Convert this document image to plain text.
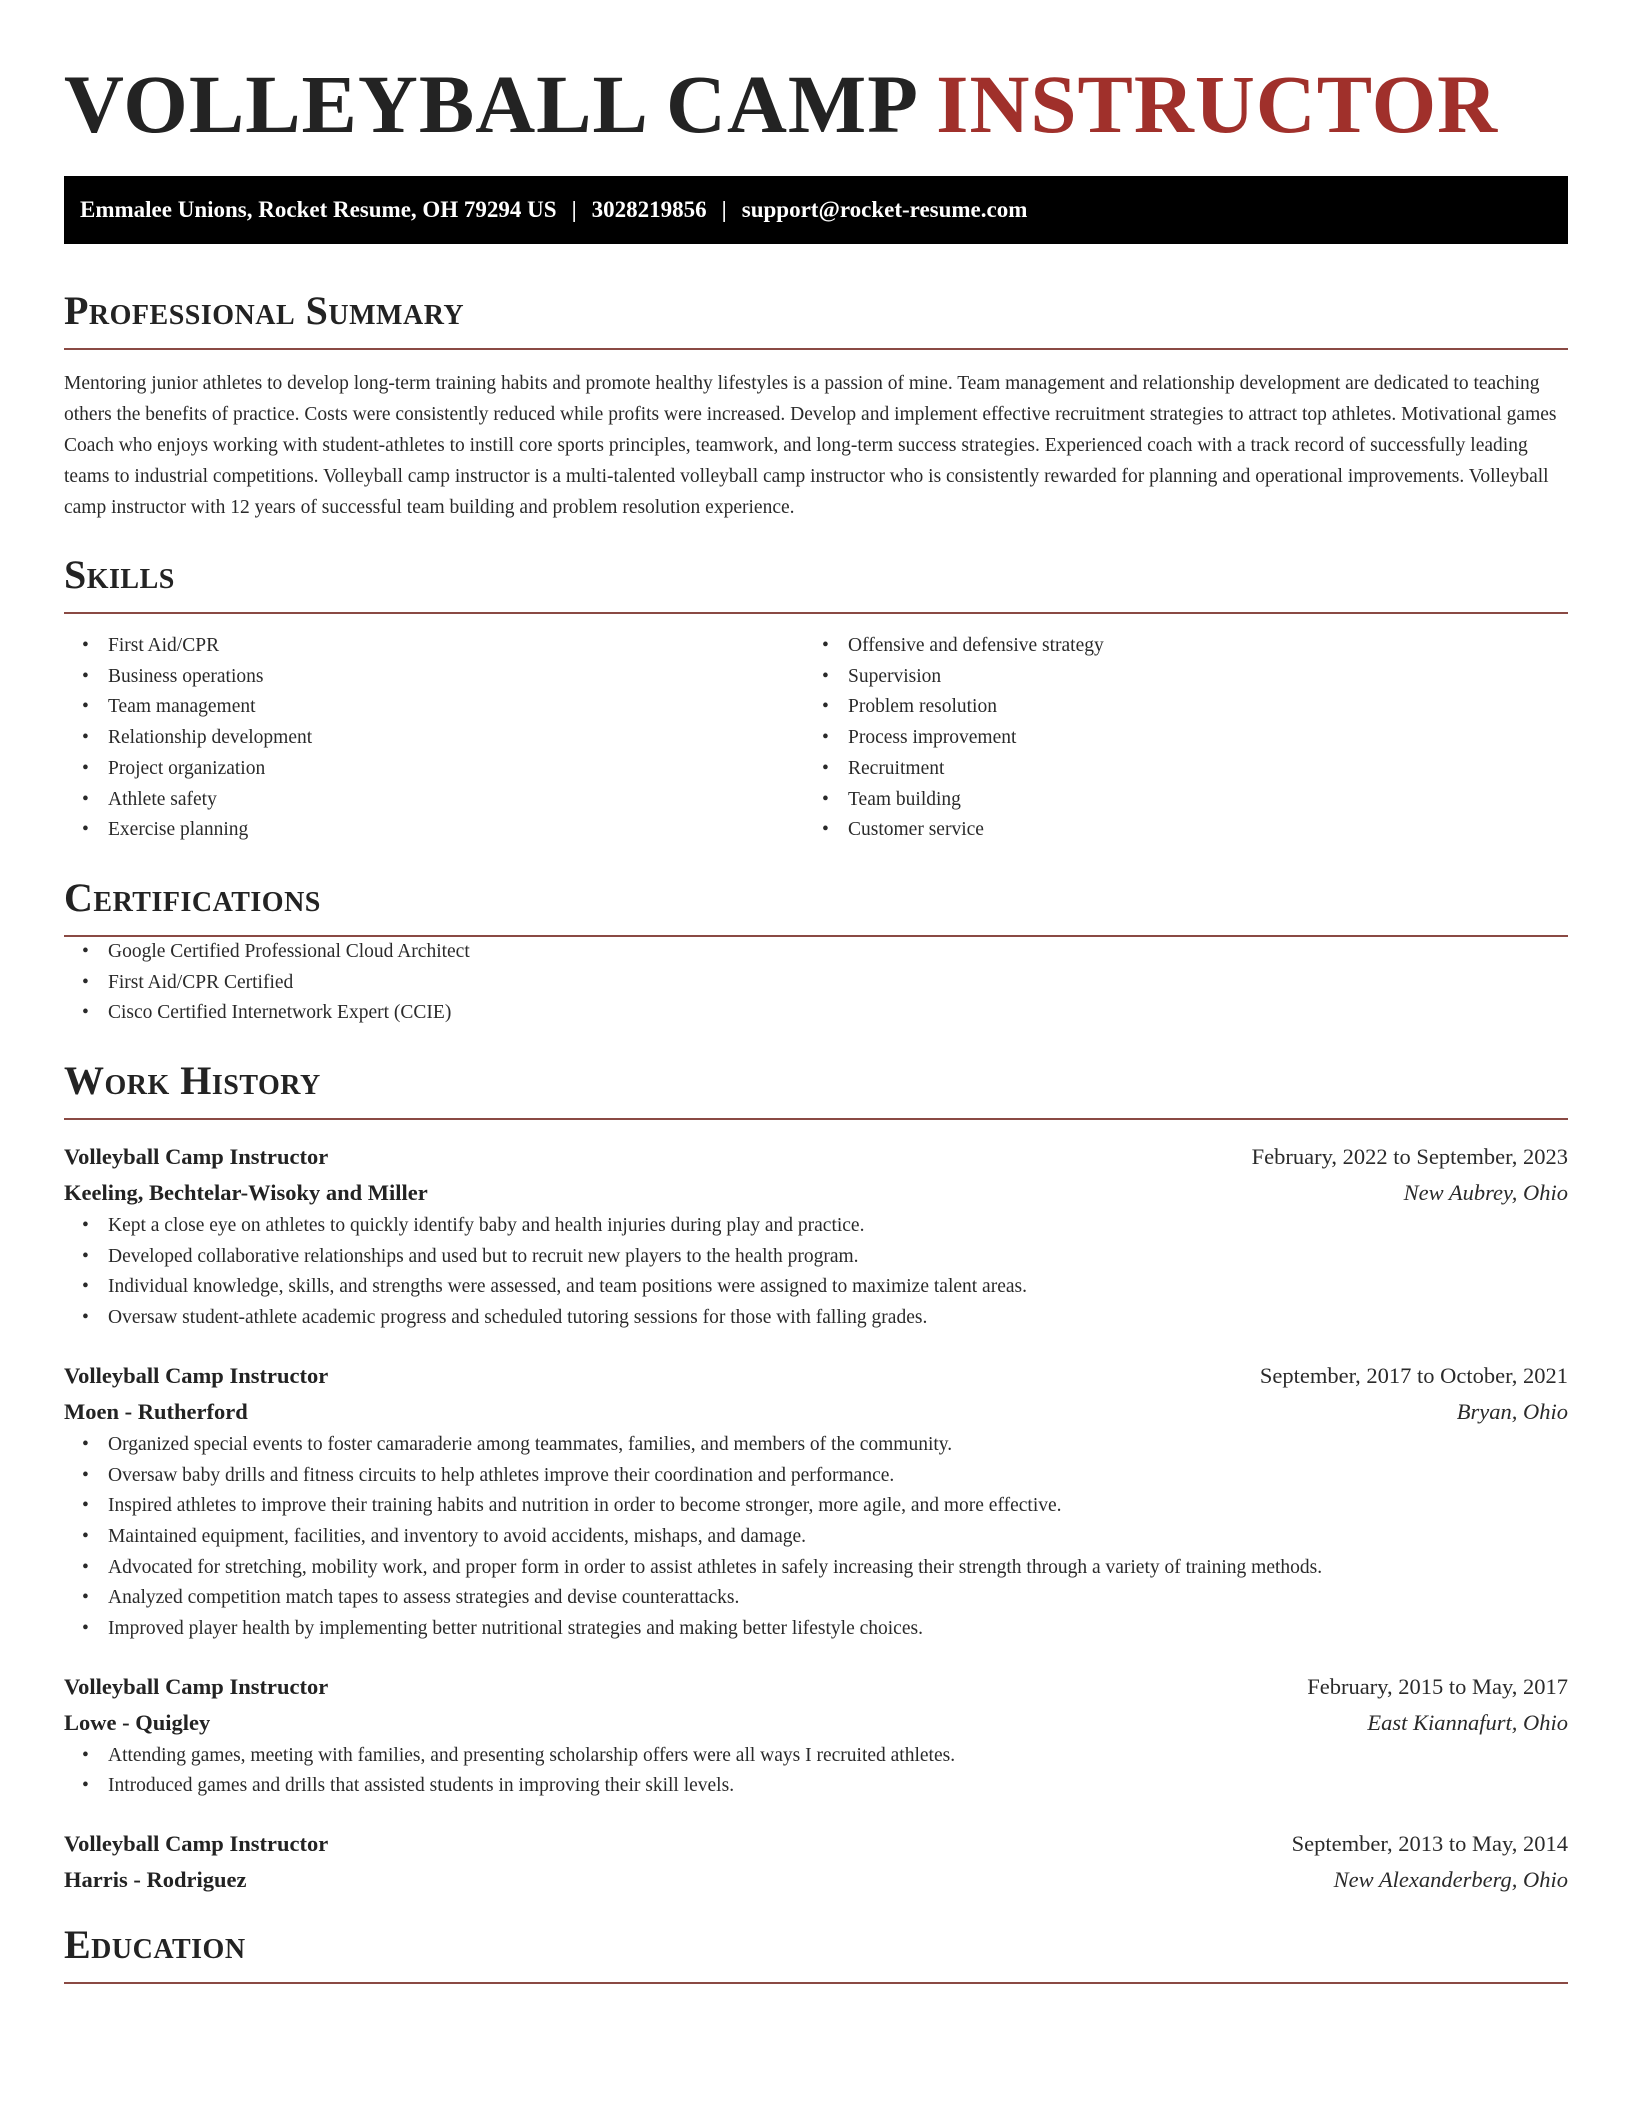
VOLLEYBALL CAMP INSTRUCTOR
Emmalee Unions, Rocket Resume, OH 79294 US | 3028219856 | support@rocket-resume.com
Professional Summary

Mentoring junior athletes to develop long-term training habits and promote healthy lifestyles is a passion of mine. Team management and relationship development are dedicated to teaching others the benefits of practice. Costs were consistently reduced while profits were increased. Develop and implement effective recruitment strategies to attract top athletes. Motivational games Coach who enjoys working with student-athletes to instill core sports principles, teamwork, and long-term success strategies. Experienced coach with a track record of successfully leading teams to industrial competitions. Volleyball camp instructor is a multi-talented volleyball camp instructor who is consistently rewarded for planning and operational improvements. Volleyball camp instructor with 12 years of successful team building and problem resolution experience.

Skills
• First Aid/CPR
• Business operations
• Team management
• Relationship development
• Project organization
• Athlete safety
• Exercise planning
• Offensive and defensive strategy
• Supervision
• Problem resolution
• Process improvement
• Recruitment
• Team building
• Customer service
Certifications
• Google Certified Professional Cloud Architect
• First Aid/CPR Certified
• Cisco Certified Internetwork Expert (CCIE)
Work History
Volleyball Camp Instructor	February, 2022 to September, 2023
Keeling, Bechtelar-Wisoky and Miller	New Aubrey, Ohio
• Kept a close eye on athletes to quickly identify baby and health injuries during play and practice.
• Developed collaborative relationships and used but to recruit new players to the health program.
• Individual knowledge, skills, and strengths were assessed, and team positions were assigned to maximize talent areas.
• Oversaw student-athlete academic progress and scheduled tutoring sessions for those with falling grades.
Volleyball Camp Instructor	September, 2017 to October, 2021
Moen - Rutherford	Bryan, Ohio
• Organized special events to foster camaraderie among teammates, families, and members of the community.
• Oversaw baby drills and fitness circuits to help athletes improve their coordination and performance.
• Inspired athletes to improve their training habits and nutrition in order to become stronger, more agile, and more effective.
• Maintained equipment, facilities, and inventory to avoid accidents, mishaps, and damage.
• Advocated for stretching, mobility work, and proper form in order to assist athletes in safely increasing their strength through a variety of training methods.
• Analyzed competition match tapes to assess strategies and devise counterattacks.
• Improved player health by implementing better nutritional strategies and making better lifestyle choices.
Volleyball Camp Instructor	February, 2015 to May, 2017
Lowe - Quigley	East Kiannafurt, Ohio
• Attending games, meeting with families, and presenting scholarship offers were all ways I recruited athletes.
• Introduced games and drills that assisted students in improving their skill levels.
Volleyball Camp Instructor	September, 2013 to May, 2014
Harris - Rodriguez	New Alexanderberg, Ohio
Education
